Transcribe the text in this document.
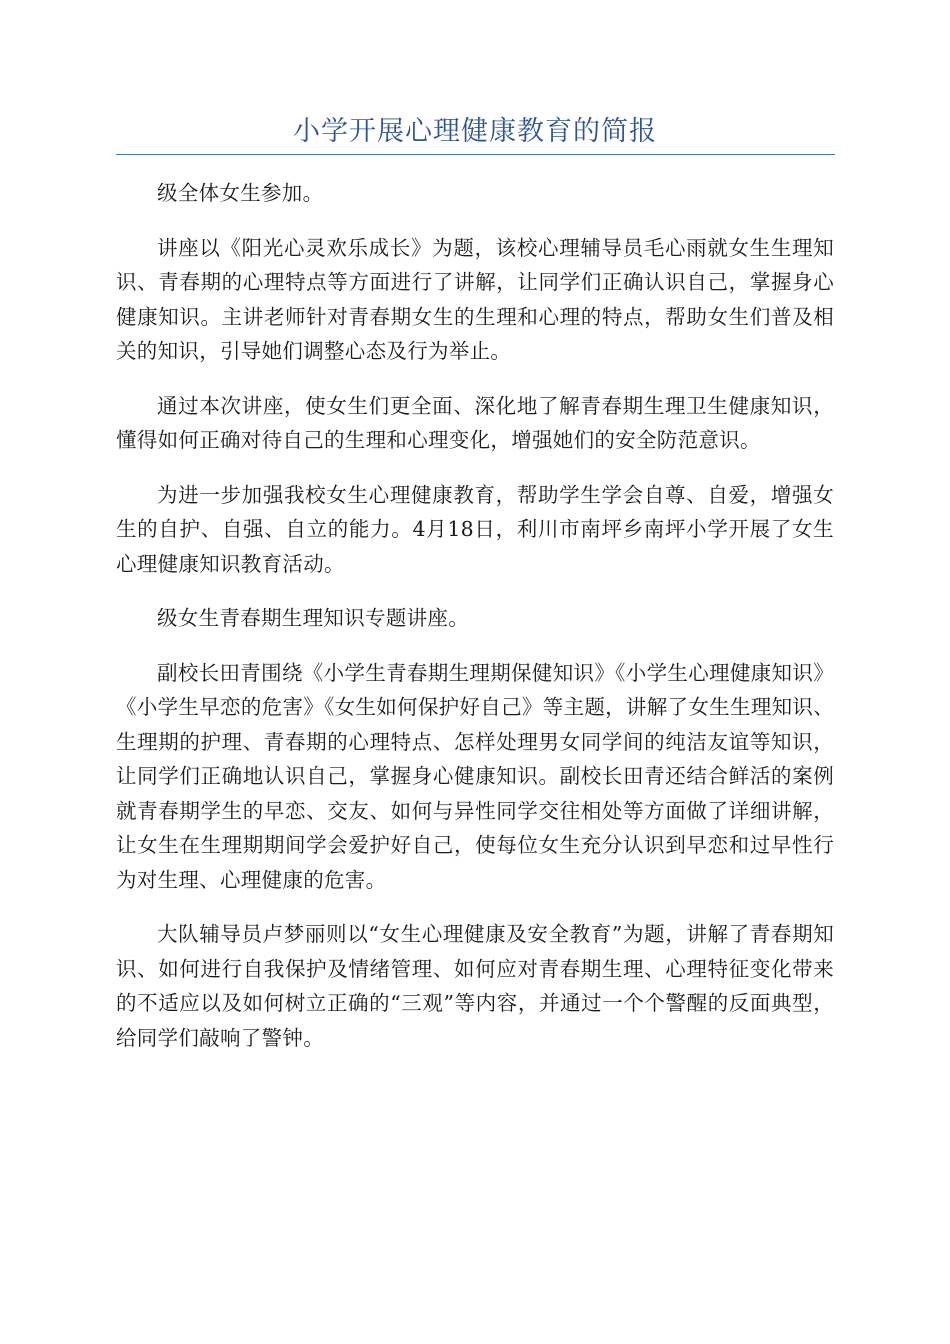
小学开展心理健康教育的简报

级全体女生参加。

讲座以《阳光心灵欢乐成长》为题，该校心理辅导员毛心雨就女生生理知识、青春期的心理特点等方面进行了讲解，让同学们正确认识自己，掌握身心健康知识。主讲老师针对青春期女生的生理和心理的特点，帮助女生们普及相关的知识，引导她们调整心态及行为举止。

通过本次讲座，使女生们更全面、深化地了解青春期生理卫生健康知识，懂得如何正确对待自己的生理和心理变化，增强她们的安全防范意识。

为进一步加强我校女生心理健康教育，帮助学生学会自尊、自爱，增强女生的自护、自强、自立的能力。4月18日，利川市南坪乡南坪小学开展了女生心理健康知识教育活动。

级女生青春期生理知识专题讲座。

副校长田青围绕《小学生青春期生理期保健知识》《小学生心理健康知识》《小学生早恋的危害》《女生如何保护好自己》等主题，讲解了女生生理知识、生理期的护理、青春期的心理特点、怎样处理男女同学间的纯洁友谊等知识，让同学们正确地认识自己，掌握身心健康知识。副校长田青还结合鲜活的案例就青春期学生的早恋、交友、如何与异性同学交往相处等方面做了详细讲解，让女生在生理期期间学会爱护好自己，使每位女生充分认识到早恋和过早性行为对生理、心理健康的危害。

大队辅导员卢梦丽则以“女生心理健康及安全教育”为题，讲解了青春期知识、如何进行自我保护及情绪管理、如何应对青春期生理、心理特征变化带来的不适应以及如何树立正确的“三观”等内容，并通过一个个警醒的反面典型，给同学们敲响了警钟。
